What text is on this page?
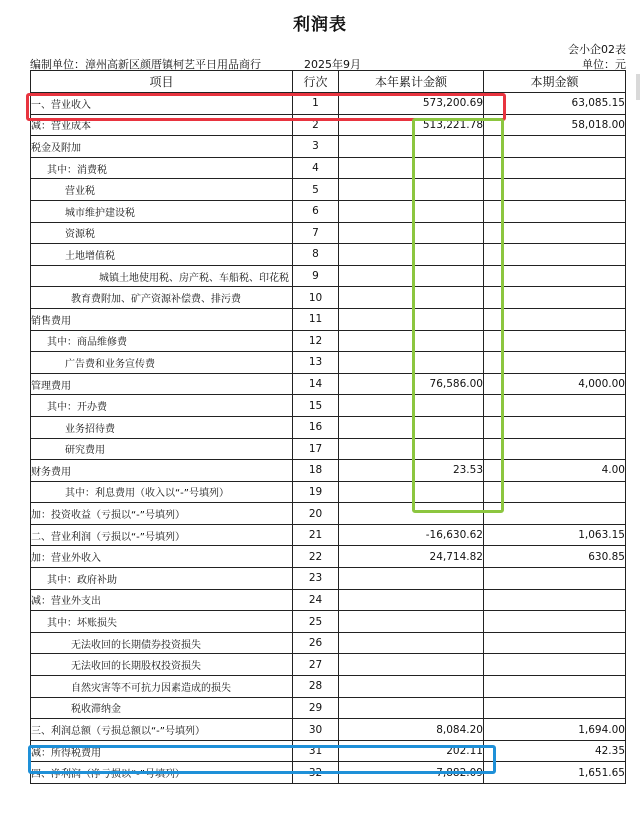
利润表
会小企02表
编制单位：漳州高新区颜厝镇柯艺平日用品商行	2025年9月	单位：元
项目	行次	本年累计金额	本期金额
一、营业收入	1	573,200.69	63,085.15
减：营业成本	2	513,221.78	58,018.00
税金及附加	3		
其中：消费税	4		
营业税	5		
城市维护建设税	6		
资源税	7		
土地增值税	8		
城镇土地使用税、房产税、车船税、印花税	9		
教育费附加、矿产资源补偿费、排污费	10		
销售费用	11		
其中：商品维修费	12		
广告费和业务宣传费	13		
管理费用	14	76,586.00	4,000.00
其中：开办费	15		
业务招待费	16		
研究费用	17		
财务费用	18	23.53	4.00
其中：利息费用（收入以“-”号填列）	19		
加：投资收益（亏损以“-”号填列）	20		
二、营业利润（亏损以“-”号填列）	21	-16,630.62	1,063.15
加：营业外收入	22	24,714.82	630.85
其中：政府补助	23		
减：营业外支出	24		
其中：坏账损失	25		
无法收回的长期债券投资损失	26		
无法收回的长期股权投资损失	27		
自然灾害等不可抗力因素造成的损失	28		
税收滞纳金	29		
三、利润总额（亏损总额以“-”号填列）	30	8,084.20	1,694.00
减：所得税费用	31	202.11	42.35
四、净利润（净亏损以“-”号填列）	32	7,882.09	1,651.65
